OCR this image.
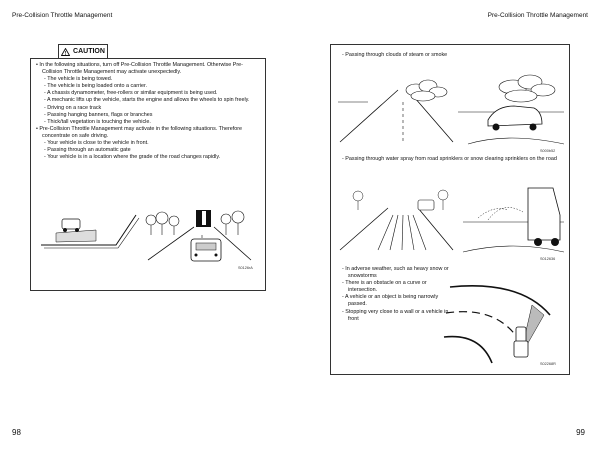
Pre-Collision Throttle Management	Pre-Collision Throttle Management
! CAUTION
• In the following situations, turn off Pre-Collision Throttle Management. Otherwise Pre-Collision Throttle Management may activate unexpectedly.
- The vehicle is being towed.
- The vehicle is being loaded onto a carrier.
- A chassis dynamometer, free-rollers or similar equipment is being used.
- A mechanic lifts up the vehicle, starts the engine and allows the wheels to spin freely.
- Driving on a race track
- Passing hanging banners, flags or branches
- Thick/tall vegetation is touching the vehicle.
• Pre-Collision Throttle Management may activate in the following situations. Therefore concentrate on safe driving.
- Your vehicle is close to the vehicle in front.
- Passing through an automatic gate
- Your vehicle is in a location where the grade of the road changes rapidly.
S0126rA
- Passing through clouds of steam or smoke
S000b52
- Passing through water spray from road sprinklers or snow clearing sprinklers on the road
S012636
- In adverse weather, such as heavy snow or snowstorms
- There is an obstacle on a curve or intersection.
- A vehicle or an object is being narrowly passed.
- Stopping very close to a wall or a vehicle in front
S02268R
98	99
